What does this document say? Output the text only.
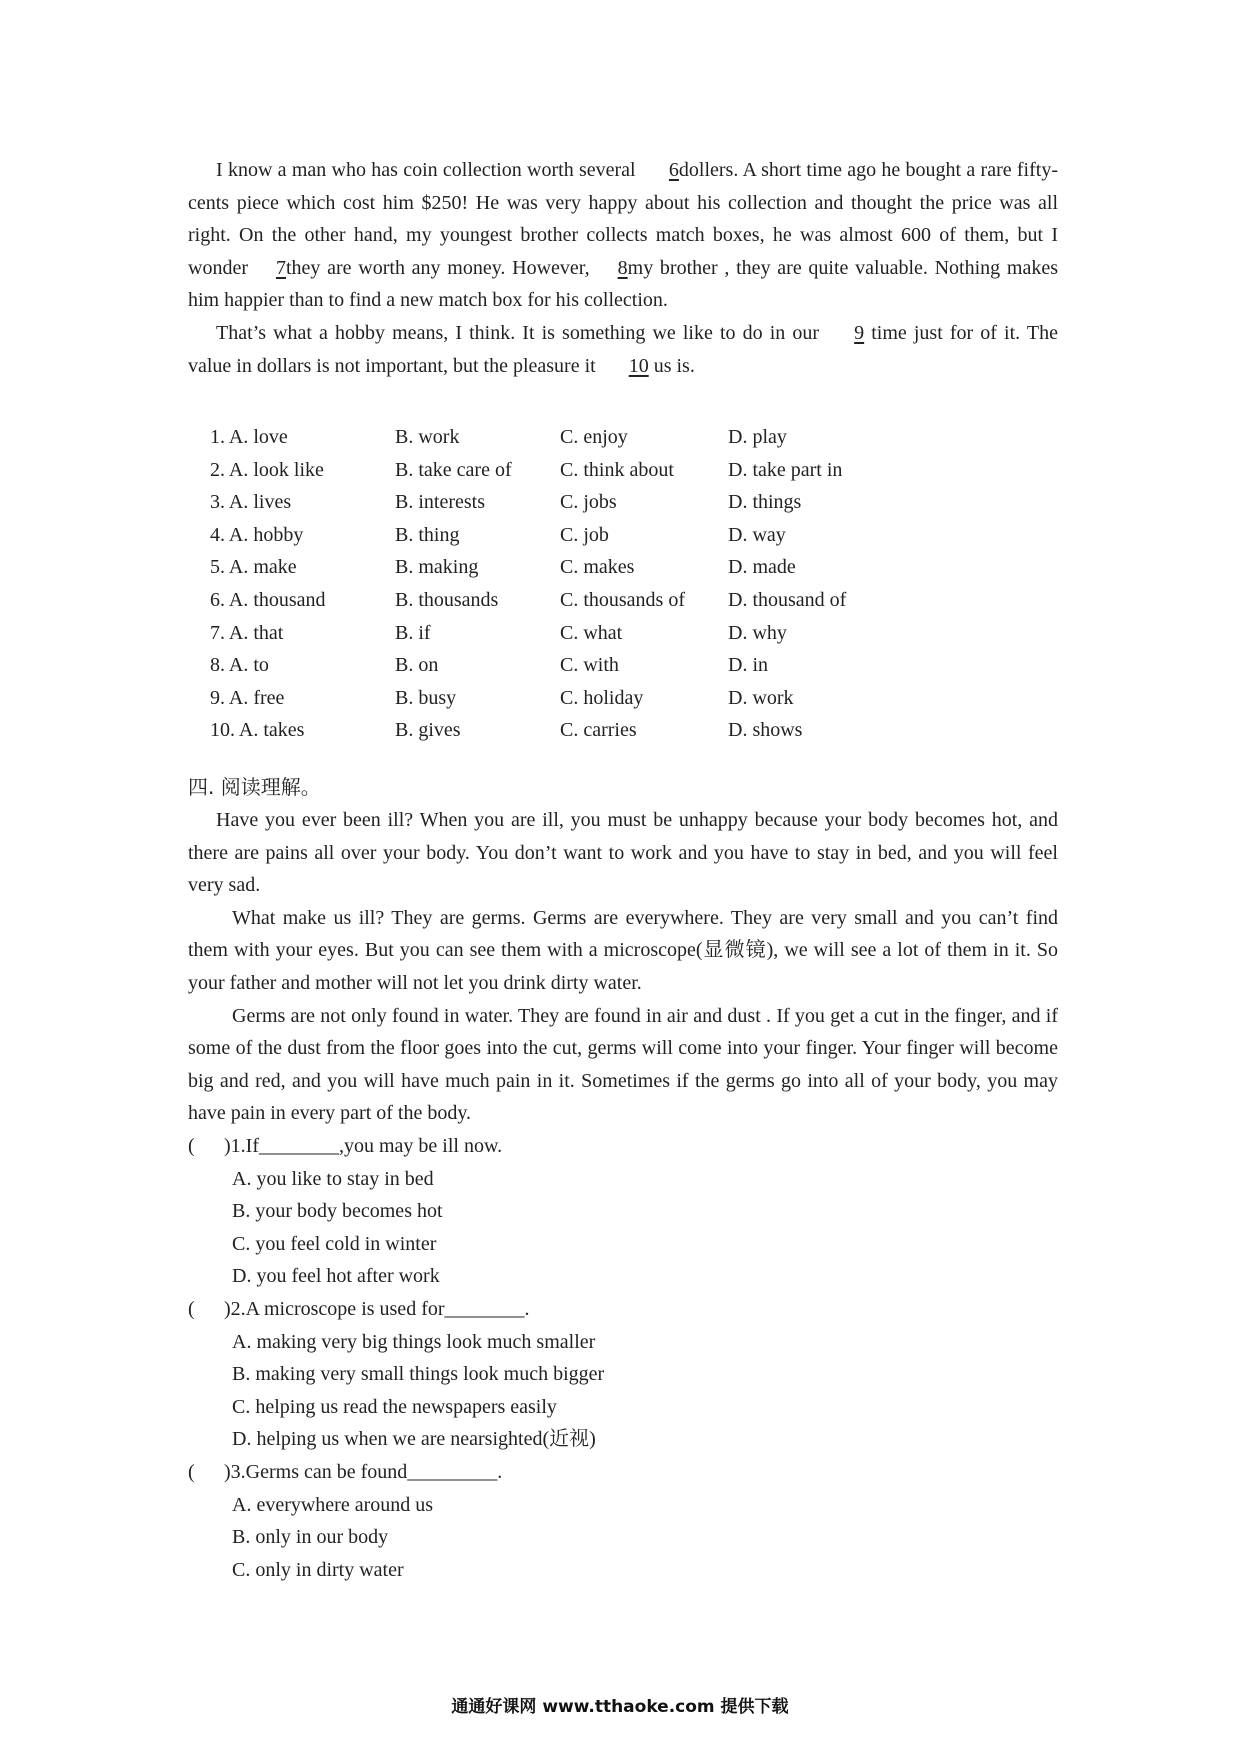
I know a man who has coin collection worth several 6dollers. A short time ago he bought a rare fifty-cents piece which cost him $250! He was very happy about his collection and thought the price was all right. On the other hand, my youngest brother collects match boxes, he was almost 600 of them, but I wonder7they are worth any money. However,8my brother , they are quite valuable. Nothing makes him happier than to find a new match box for his collection.

That’s what a hobby means, I think. It is something we like to do in our 9 time just for of it. The value in dollars is not important, but the pleasure it 10 us is.

1. A. love	B. work	C. enjoy	D. play
2. A. look like	B. take care of C. think about	D. take part in
3. A. lives	B. interests	C. jobs	D. things
4. A. hobby	B. thing	C. job	D. way
5. A. make	B. making	C. makes	D. made
6. A. thousand	B. thousands	C. thousands of D. thousand of
7. A. that	B. if	C. what	D. why
8. A. to	B. on	C. with	D. in
9. A. free	B. busy	C. holiday	D. work
10. A. takes	B. gives	C. carries	D. shows
四. 阅读理解。

Have you ever been ill? When you are ill, you must be unhappy because your body becomes hot, and there are pains all over your body. You don’t want to work and you have to stay in bed, and you will feel very sad.

What make us ill? They are germs. Germs are everywhere. They are very small and you can’t find them with your eyes. But you can see them with a microscope(显微镜), we will see a lot of them in it. So your father and mother will not let you drink dirty water.

Germs are not only found in water. They are found in air and dust . If you get a cut in the finger, and if some of the dust from the floor goes into the cut, germs will come into your finger. Your finger will become big and red, and you will have much pain in it. Sometimes if the germs go into all of your body, you may have pain in every part of the body.

( )1.If________,you may be ill now.
A. you like to stay in bed
B. your body becomes hot
C. you feel cold in winter
D. you feel hot after work
( )2.A microscope is used for________.
A. making very big things look much smaller
B. making very small things look much bigger
C. helping us read the newspapers easily
D. helping us when we are nearsighted(近视)
( )3.Germs can be found_________.
A. everywhere around us
B. only in our body
C. only in dirty water
通通好课网 www.tthaoke.com 提供下载
